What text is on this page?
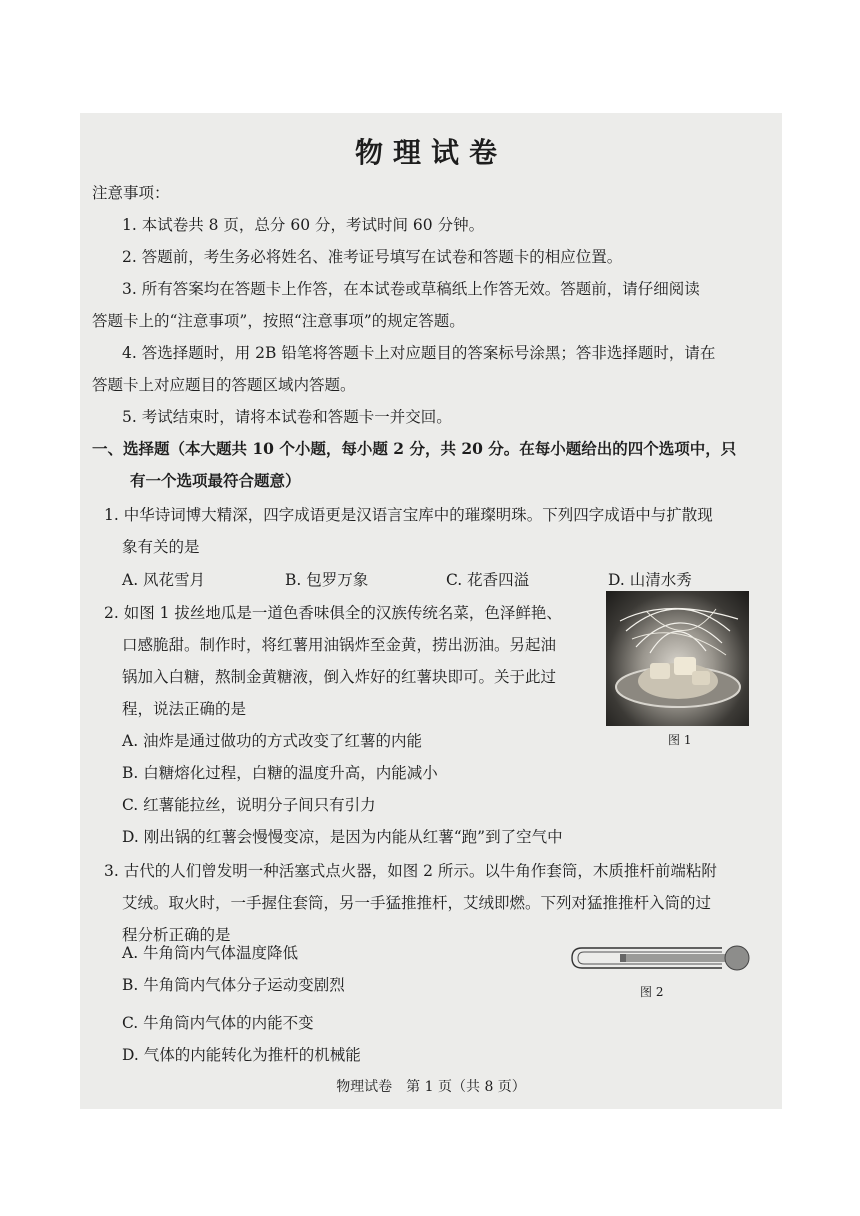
物理试卷
注意事项：
1. 本试卷共 8 页，总分 60 分，考试时间 60 分钟。
2. 答题前，考生务必将姓名、准考证号填写在试卷和答题卡的相应位置。
3. 所有答案均在答题卡上作答，在本试卷或草稿纸上作答无效。答题前，请仔细阅读
答题卡上的“注意事项”，按照“注意事项”的规定答题。
4. 答选择题时，用 2B 铅笔将答题卡上对应题目的答案标号涂黑；答非选择题时，请在
答题卡上对应题目的答题区域内答题。
5. 考试结束时，请将本试卷和答题卡一并交回。
一、选择题（本大题共 10 个小题，每小题 2 分，共 20 分。在每小题给出的四个选项中，只
有一个选项最符合题意）
1. 中华诗词博大精深，四字成语更是汉语言宝库中的璀璨明珠。下列四字成语中与扩散现
象有关的是
A. 风花雪月	B. 包罗万象	C. 花香四溢	D. 山清水秀
2. 如图 1 拔丝地瓜是一道色香味俱全的汉族传统名菜，色泽鲜艳、
口感脆甜。制作时，将红薯用油锅炸至金黄，捞出沥油。另起油
锅加入白糖，熬制金黄糖液，倒入炸好的红薯块即可。关于此过
程，说法正确的是
A. 油炸是通过做功的方式改变了红薯的内能
B. 白糖熔化过程，白糖的温度升高，内能减小
C. 红薯能拉丝，说明分子间只有引力
D. 刚出锅的红薯会慢慢变凉，是因为内能从红薯“跑”到了空气中
图 1
3. 古代的人们曾发明一种活塞式点火器，如图 2 所示。以牛角作套筒，木质推杆前端粘附
艾绒。取火时，一手握住套筒，另一手猛推推杆，艾绒即燃。下列对猛推推杆入筒的过
程分析正确的是
A. 牛角筒内气体温度降低
B. 牛角筒内气体分子运动变剧烈
C. 牛角筒内气体的内能不变
D. 气体的内能转化为推杆的机械能
图 2
物理试卷　第 1 页（共 8 页）
